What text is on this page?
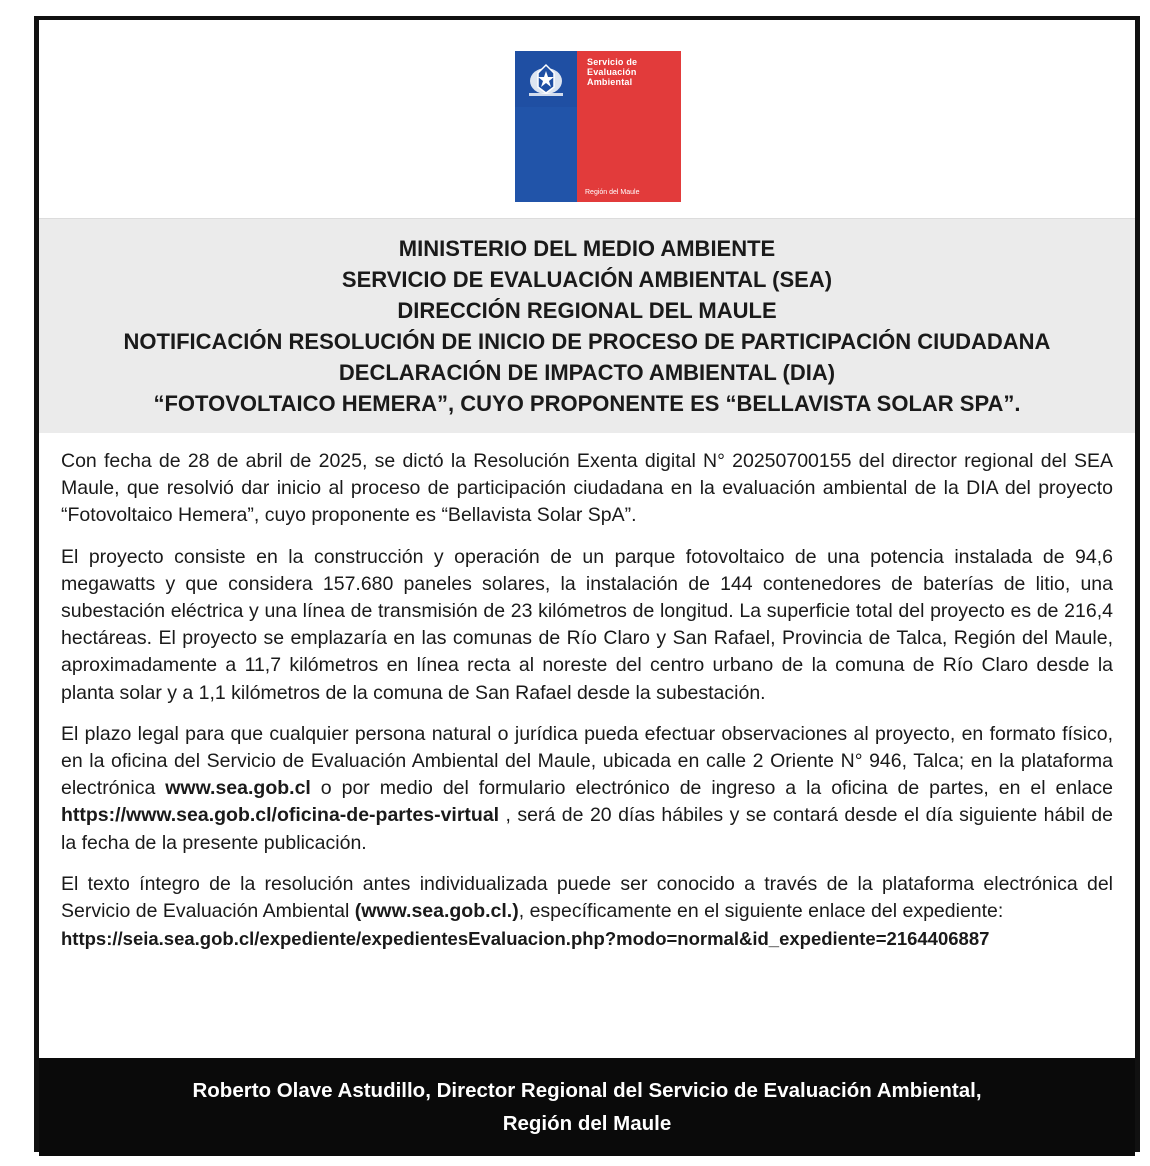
Servicio de
Evaluación
Ambiental
Región del Maule
MINISTERIO DEL MEDIO AMBIENTE
SERVICIO DE EVALUACIÓN AMBIENTAL (SEA)
DIRECCIÓN REGIONAL DEL MAULE
NOTIFICACIÓN RESOLUCIÓN DE INICIO DE PROCESO DE PARTICIPACIÓN CIUDADANA
DECLARACIÓN DE IMPACTO AMBIENTAL (DIA)
“FOTOVOLTAICO HEMERA”, CUYO PROPONENTE ES “BELLAVISTA SOLAR SPA”.

Con fecha de 28 de abril de 2025, se dictó la Resolución Exenta digital N° 20250700155 del director regional del SEA Maule, que resolvió dar inicio al proceso de participación ciudadana en la evaluación ambiental de la DIA del proyecto “Fotovoltaico Hemera”, cuyo proponente es “Bellavista Solar SpA”.

El proyecto consiste en la construcción y operación de un parque fotovoltaico de una potencia instalada de 94,6 megawatts y que considera 157.680 paneles solares, la instalación de 144 contenedores de baterías de litio, una subestación eléctrica y una línea de transmisión de 23 kilómetros de longitud. La superficie total del proyecto es de 216,4 hectáreas. El proyecto se emplazaría en las comunas de Río Claro y San Rafael, Provincia de Talca, Región del Maule, aproximadamente a 11,7 kilómetros en línea recta al noreste del centro urbano de la comuna de Río Claro desde la planta solar y a 1,1 kilómetros de la comuna de San Rafael desde la subestación.

El plazo legal para que cualquier persona natural o jurídica pueda efectuar observaciones al proyecto, en formato físico, en la oficina del Servicio de Evaluación Ambiental del Maule, ubicada en calle 2 Oriente N° 946, Talca; en la plataforma electrónica www.sea.gob.cl o por medio del formulario electrónico de ingreso a la oficina de partes, en el enlace https://www.sea.gob.cl/oficina-de-partes-virtual , será de 20 días hábiles y se contará desde el día siguiente hábil de la fecha de la presente publicación.

El texto íntegro de la resolución antes individualizada puede ser conocido a través de la plataforma electrónica del Servicio de Evaluación Ambiental (www.sea.gob.cl.), específicamente en el siguiente enlace del expediente:

https://seia.sea.gob.cl/expediente/expedientesEvaluacion.php?modo=normal&id_expediente=2164406887

Roberto Olave Astudillo, Director Regional del Servicio de Evaluación Ambiental,
Región del Maule
